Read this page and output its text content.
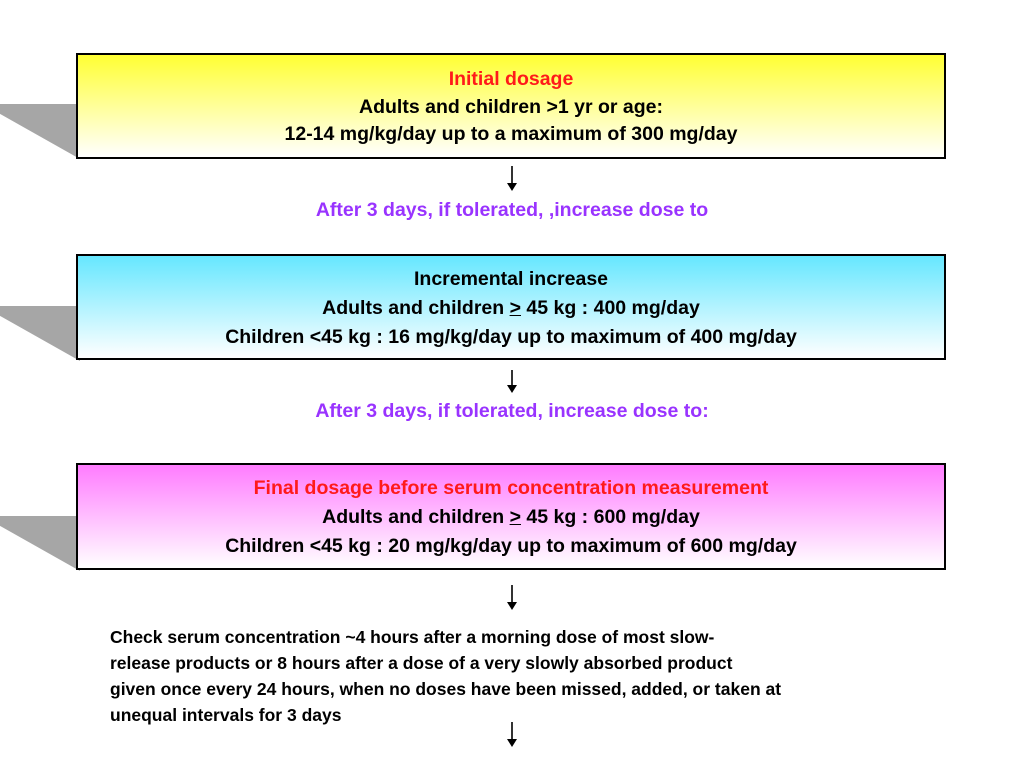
Initial dosage
Adults and children >1 yr or age:
12-14 mg/kg/day up to a maximum of 300 mg/day
After 3 days, if tolerated, ,increase dose to
Incremental increase
Adults and children ≥ 45 kg : 400 mg/day
Children <45 kg : 16 mg/kg/day up to maximum of 400 mg/day
After 3 days, if tolerated, increase dose to:
Final dosage before serum concentration measurement
Adults and children ≥ 45 kg : 600 mg/day
Children <45 kg : 20 mg/kg/day up to maximum of 600 mg/day
Check serum concentration ~4 hours after a morning dose of most slow-
release products or 8 hours after a dose of a very slowly absorbed product
given once every 24 hours, when no doses have been missed, added, or taken at
unequal intervals for 3 days
